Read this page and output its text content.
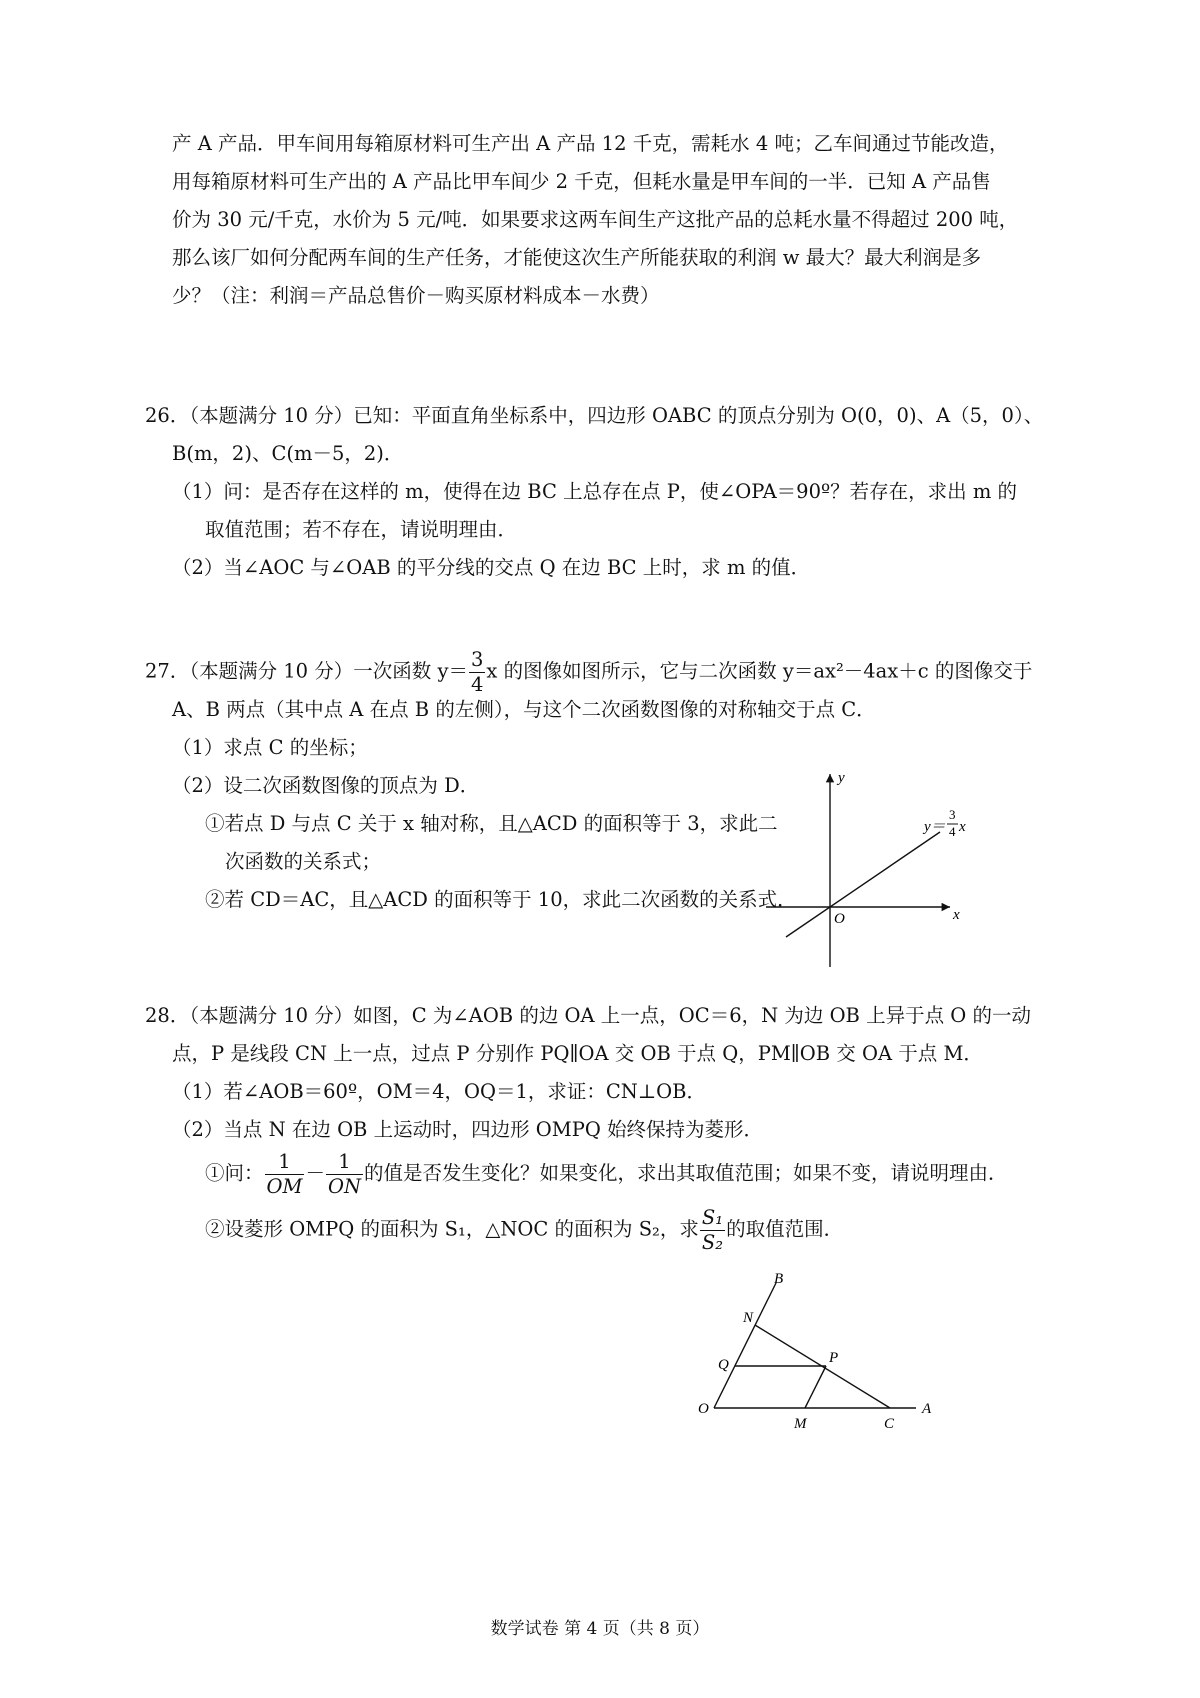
产 A 产品．甲车间用每箱原材料可生产出 A 产品 12 千克，需耗水 4 吨；乙车间通过节能改造，
用每箱原材料可生产出的 A 产品比甲车间少 2 千克，但耗水量是甲车间的一半．已知 A 产品售
价为 30 元/千克，水价为 5 元/吨．如果要求这两车间生产这批产品的总耗水量不得超过 200 吨，
那么该厂如何分配两车间的生产任务，才能使这次生产所能获取的利润 w 最大？最大利润是多
少？（注：利润＝产品总售价－购买原材料成本－水费）
26．（本题满分 10 分）已知：平面直角坐标系中，四边形 OABC 的顶点分别为 O(0，0)、A（5，0）、
B(m，2)、C(m－5，2)．
（1）问：是否存在这样的 m，使得在边 BC 上总存在点 P，使∠OPA＝90º？若存在，求出 m 的
取值范围；若不存在，请说明理由．
（2）当∠AOC 与∠OAB 的平分线的交点 Q 在边 BC 上时，求 m 的值．
27．（本题满分 10 分）一次函数 $y= \frac{3}{4}$ x 的图像如图所示，它与二次函数 y＝ax²－4ax＋c 的图像交于
A、B 两点（其中点 A 在点 B 的左侧），与这个二次函数图像的对称轴交于点 C．
（1）求点 C 的坐标；
（2）设二次函数图像的顶点为 D．
①若点 D 与点 C 关于 x 轴对称，且△ACD 的面积等于 3，求此二
次函数的关系式；
②若 CD＝AC，且△ACD 的面积等于 10，求此二次函数的关系式．
y
x
O
y＝
3
4 x
28．（本题满分 10 分）如图，C 为∠AOB 的边 OA 上一点，OC＝6，N 为边 OB 上异于点 O 的一动
点，P 是线段 CN 上一点，过点 P 分别作 PQ∥OA 交 OB 于点 Q，PM∥OB 交 OA 于点 M．
（1）若∠AOB＝60º，OM＝4，OQ＝1，求证：CN⊥OB．
（2）当点 N 在边 OB 上运动时，四边形 OMPQ 始终保持为菱形．
①问： $\frac{1}{OM} - \frac{1}{ON}$ 的值是否发生变化？如果变化，求出其取值范围；如果不变，请说明理由．
②设菱形 OMPQ 的面积为 S₁，△NOC 的面积为 S₂，求 $\frac{\text{S₁}}{\text{S₂}}$ 的取值范围．
B
N
Q	P
O
M	C
A
数学试卷 第 4 页（共 8 页）
